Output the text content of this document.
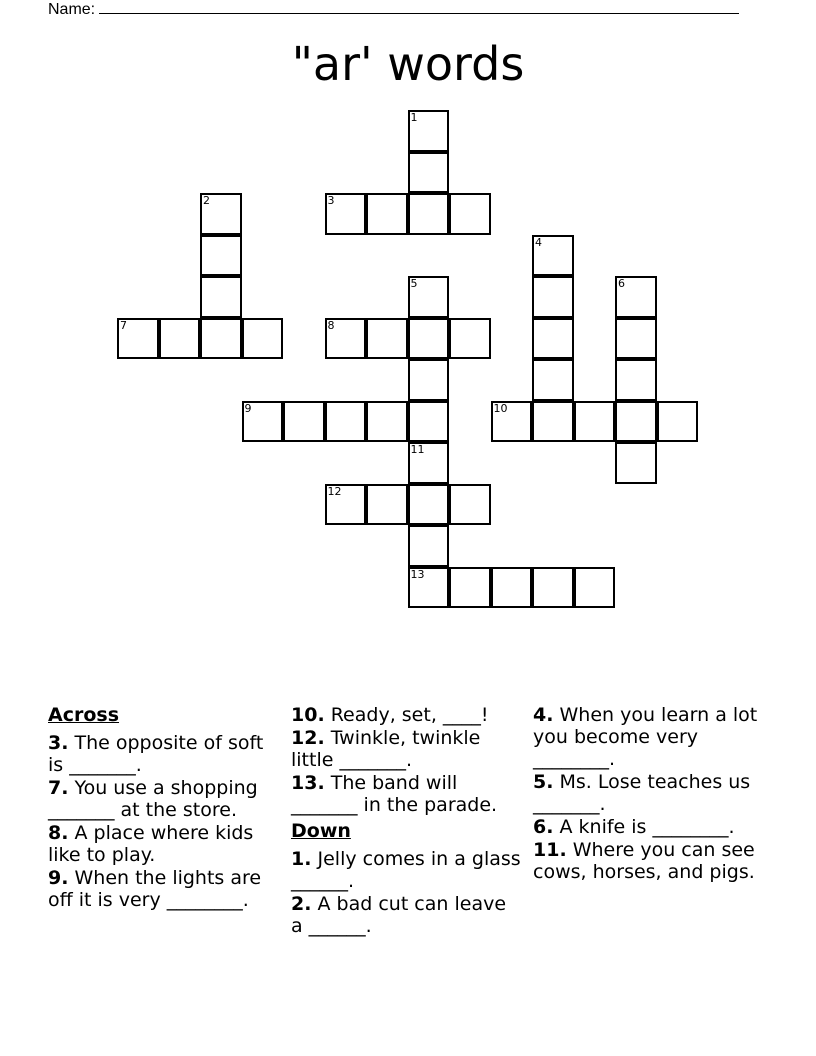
Name:
"ar' words
1
3
2
7
4
5	6
8
9	10
11
12
13
Across
3. The opposite of soft is _______.
7. You use a shopping _______ at the store.
8. A place where kids like to play.
9. When the lights are off it is very ________.
10. Ready, set, ____!
12. Twinkle, twinkle little _______.
13. The band will _______ in the parade.
Down
1. Jelly comes in a glass ______.
2. A bad cut can leave a ______.
4. When you learn a lot you become very ________.
5. Ms. Lose teaches us _______.
6. A knife is ________.
11. Where you can see cows, horses, and pigs.
